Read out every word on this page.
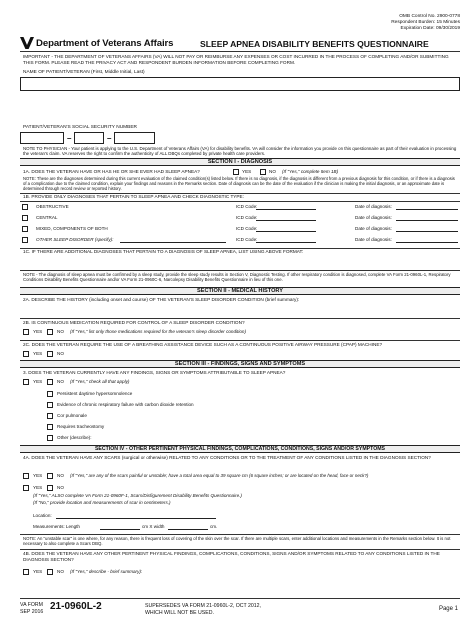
OMB Control No. 2900-0778
Respondent Burden: 15 Minutes
Expiration Date: 09/30/2019
Department of Veterans Affairs	SLEEP APNEA DISABILITY BENEFITS QUESTIONNAIRE
IMPORTANT - THE DEPARTMENT OF VETERANS AFFAIRS (VA) WILL NOT PAY OR REIMBURSE ANY EXPENSES OR COST INCURRED IN THE PROCESS OF COMPLETING AND/OR SUBMITTING THIS FORM. PLEASE READ THE PRIVACY ACT AND RESPONDENT BURDEN INFORMATION BEFORE COMPLETING FORM.
NAME OF PATIENT/VETERAN (First, Middle Initial, Last)
PATIENT/VETERAN'S SOCIAL SECURITY NUMBER
–	–
NOTE TO PHYSICIAN - Your patient is applying to the U.S. Department of Veterans Affairs (VA) for disability benefits. VA will consider the information you provide on this questionnaire as part of their evaluation in processing the veteran's claim. VA reserves the right to confirm the authenticity of ALL DBQs completed by private health care providers.
SECTION I - DIAGNOSIS
1A. DOES THE VETERAN HAVE OR HAS HE OR SHE EVER HAD SLEEP APNEA?	YES	NO (If "Yes," complete Item 1B)
NOTE: These are the diagnoses determined during this current evaluation of the claimed condition(s) listed below. If there is no diagnosis, if the diagnosis is different from a previous diagnosis for this condition, or if there is a diagnosis of a complication due to the claimed condition, explain your findings and reasons in the Remarks section. Date of diagnosis can be the date of the evaluation if the clinician is making the initial diagnosis, or an approximate date is determined through record review or reported history.
1B. PROVIDE ONLY DIAGNOSES THAT PERTAIN TO SLEEP APNEA AND CHECK DIAGNOSTIC TYPE:
OBSTRUCTIVE	ICD Code:	Date of diagnosis:
CENTRAL	ICD Code:	Date of diagnosis:
MIXED, COMPONENTS OF BOTH	ICD Code:	Date of diagnosis:
OTHER SLEEP DISORDER (specify):	ICD Code:	Date of diagnosis:
1C. IF THERE ARE ADDITIONAL DIAGNOSES THAT PERTAIN TO A DIAGNOSIS OF SLEEP APNEA, LIST USING ABOVE FORMAT:
NOTE - The diagnosis of sleep apnea must be confirmed by a sleep study, provide the sleep study results in Section V, Diagnostic Testing. If other respiratory condition is diagnosed, complete VA Form 21-0960L-1, Respiratory Conditions Disability Benefits Questionnaire and/or VA Form 21-0960C-6, Narcolepsy Disability Benefits Questionnaire in lieu of this one.
SECTION II - MEDICAL HISTORY
2A. DESCRIBE THE HISTORY (including onset and course) OF THE VETERAN'S SLEEP DISORDER CONDITION (brief summary):
2B. IS CONTINUOUS MEDICATION REQUIRED FOR CONTROL OF A SLEEP DISORDER CONDITION?
YES	NO (If "Yes," list only those medications required for the veteran's sleep disorder condition)
2C. DOES THE VETERAN REQUIRE THE USE OF A BREATHING ASSISTANCE DEVICE SUCH AS A CONTINUOUS POSITIVE AIRWAY PRESSURE (CPAP) MACHINE?
YES	NO
SECTION III - FINDINGS, SIGNS AND SYMPTOMS
3. DOES THE VETERAN CURRENTLY HAVE ANY FINDINGS, SIGNS OR SYMPTOMS ATTRIBUTABLE TO SLEEP APNEA?
YES	NO (If "Yes," check all that apply)
Persistent daytime hypersomnolence
Evidence of chronic respiratory failure with carbon dioxide retention
Cor pulmonale
Requires tracheostomy
Other (describe):
SECTION IV - OTHER PERTINENT PHYSICAL FINDINGS, COMPLICATIONS, CONDITIONS, SIGNS AND/OR SYMPTOMS
4A. DOES THE VETERAN HAVE ANY SCARS (surgical or otherwise) RELATED TO ANY CONDITIONS OR TO THE TREATMENT OF ANY CONDITIONS LISTED IN THE DIAGNOSIS SECTION?
YES	NO (If "Yes," are any of the scars painful or unstable; have a total area equal to 39 square cm (6 square inches; or are located on the head, face or neck?)
YES	NO
(If "Yes," ALSO complete VA Form 21-0960F-1, Scars/Disfigurement Disability Benefits Questionnaire.)
(If "No," provide location and measurements of scar in centimeters.)
Location:
Measurements: Length	cm X width	cm.
NOTE: An "unstable scar" is one where, for any reason, there is frequent loss of covering of the skin over the scar. If there are multiple scars, enter additional locations and measurements in the Remarks section below. It is not necessary to also complete a Scars DBQ.
4B. DOES THE VETERAN HAVE ANY OTHER PERTINENT PHYSICAL FINDINGS, COMPLICATIONS, CONDITIONS, SIGNS AND/OR SYMPTOMS RELATED TO ANY CONDITIONS LISTED IN THE DIAGNOSIS SECTION?
YES	NO (If "Yes," describe - brief summary):
VA FORM
SEP 2016 21-0960L-2	SUPERSEDES VA FORM 21-0960L-2, OCT 2012,
WHICH WILL NOT BE USED.
Page 1
